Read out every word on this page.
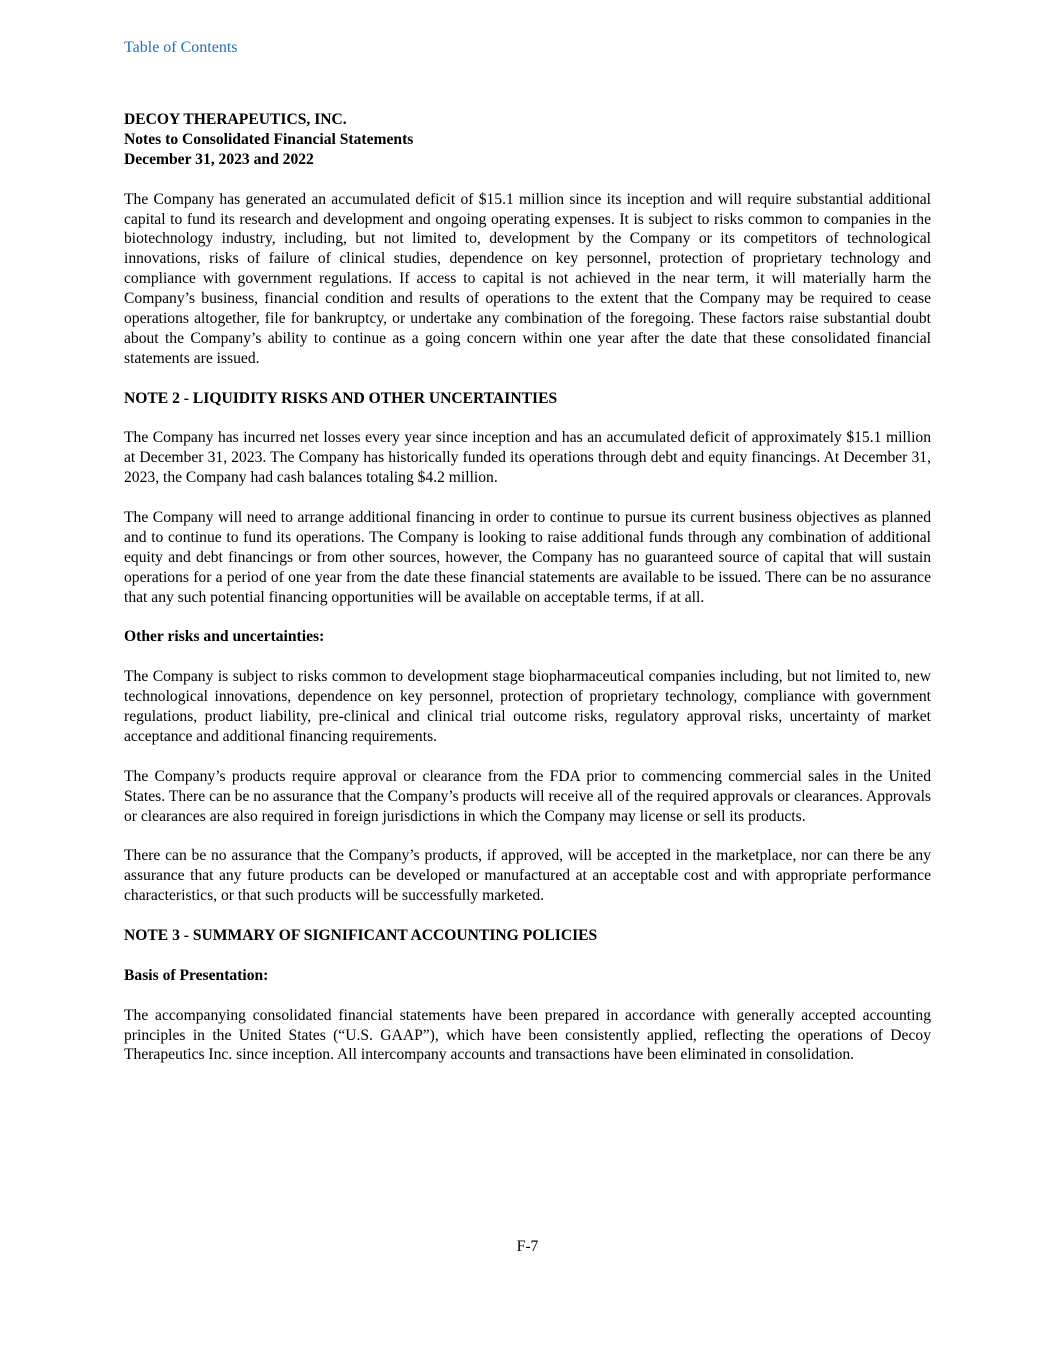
Table of Contents

DECOY THERAPEUTICS, INC.

Notes to Consolidated Financial Statements

December 31, 2023 and 2022

The Company has generated an accumulated deficit of $15.1 million since its inception and will require substantial additional capital to fund its research and development and ongoing operating expenses. It is subject to risks common to companies in the biotechnology industry, including, but not limited to, development by the Company or its competitors of technological innovations, risks of failure of clinical studies, dependence on key personnel, protection of proprietary technology and compliance with government regulations. If access to capital is not achieved in the near term, it will materially harm the Company’s business, financial condition and results of operations to the extent that the Company may be required to cease operations altogether, file for bankruptcy, or undertake any combination of the foregoing. These factors raise substantial doubt about the Company’s ability to continue as a going concern within one year after the date that these consolidated financial statements are issued.

NOTE 2 - LIQUIDITY RISKS AND OTHER UNCERTAINTIES

The Company has incurred net losses every year since inception and has an accumulated deficit of approximately $15.1 million at December 31, 2023. The Company has historically funded its operations through debt and equity financings. At December 31, 2023, the Company had cash balances totaling $4.2 million.

The Company will need to arrange additional financing in order to continue to pursue its current business objectives as planned and to continue to fund its operations. The Company is looking to raise additional funds through any combination of additional equity and debt financings or from other sources, however, the Company has no guaranteed source of capital that will sustain operations for a period of one year from the date these financial statements are available to be issued. There can be no assurance that any such potential financing opportunities will be available on acceptable terms, if at all.

Other risks and uncertainties:

The Company is subject to risks common to development stage biopharmaceutical companies including, but not limited to, new technological innovations, dependence on key personnel, protection of proprietary technology, compliance with government regulations, product liability, pre-clinical and clinical trial outcome risks, regulatory approval risks, uncertainty of market acceptance and additional financing requirements.

The Company’s products require approval or clearance from the FDA prior to commencing commercial sales in the United States. There can be no assurance that the Company’s products will receive all of the required approvals or clearances. Approvals or clearances are also required in foreign jurisdictions in which the Company may license or sell its products.

There can be no assurance that the Company’s products, if approved, will be accepted in the marketplace, nor can there be any assurance that any future products can be developed or manufactured at an acceptable cost and with appropriate performance characteristics, or that such products will be successfully marketed.

NOTE 3 - SUMMARY OF SIGNIFICANT ACCOUNTING POLICIES

Basis of Presentation:

The accompanying consolidated financial statements have been prepared in accordance with generally accepted accounting principles in the United States (“U.S. GAAP”), which have been consistently applied, reflecting the operations of Decoy Therapeutics Inc. since inception. All intercompany accounts and transactions have been eliminated in consolidation.

F-7
